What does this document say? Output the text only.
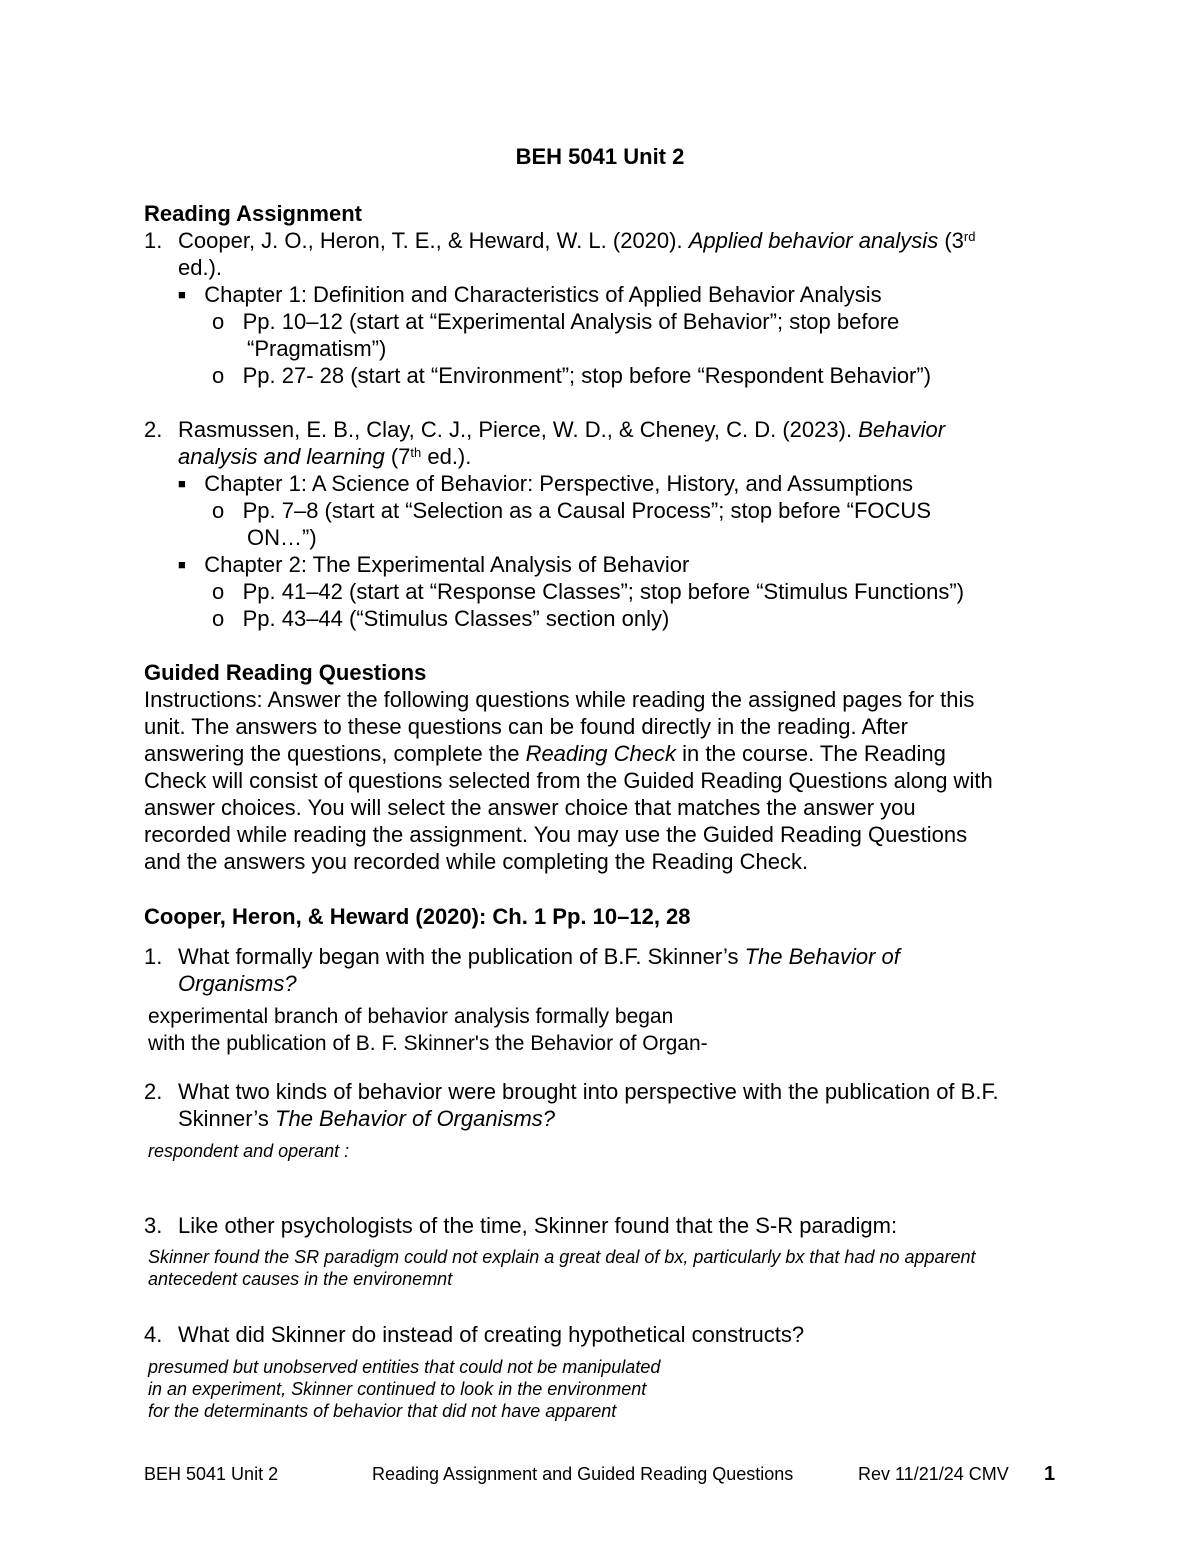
BEH 5041 Unit 2
Reading Assignment
1. Cooper, J. O., Heron, T. E., & Heward, W. L. (2020). Applied behavior analysis (3rd
ed.).
■ Chapter 1: Definition and Characteristics of Applied Behavior Analysis
o Pp. 10–12 (start at “Experimental Analysis of Behavior”; stop before
“Pragmatism”)
o Pp. 27- 28 (start at “Environment”; stop before “Respondent Behavior”)
2. Rasmussen, E. B., Clay, C. J., Pierce, W. D., & Cheney, C. D. (2023). Behavior
analysis and learning (7th ed.).
■ Chapter 1: A Science of Behavior: Perspective, History, and Assumptions
o Pp. 7–8 (start at “Selection as a Causal Process”; stop before “FOCUS
ON…”)
■ Chapter 2: The Experimental Analysis of Behavior
o Pp. 41–42 (start at “Response Classes”; stop before “Stimulus Functions”)
o Pp. 43–44 (“Stimulus Classes” section only)
Guided Reading Questions
Instructions: Answer the following questions while reading the assigned pages for this
unit. The answers to these questions can be found directly in the reading. After
answering the questions, complete the Reading Check in the course. The Reading
Check will consist of questions selected from the Guided Reading Questions along with
answer choices. You will select the answer choice that matches the answer you
recorded while reading the assignment. You may use the Guided Reading Questions
and the answers you recorded while completing the Reading Check.
Cooper, Heron, & Heward (2020): Ch. 1 Pp. 10–12, 28
1. What formally began with the publication of B.F. Skinner’s The Behavior of
Organisms?
experimental branch of behavior analysis formally began
with the publication of B. F. Skinner's the Behavior of Organ-
2. What two kinds of behavior were brought into perspective with the publication of B.F.
Skinner’s The Behavior of Organisms?
respondent and operant :
3. Like other psychologists of the time, Skinner found that the S-R paradigm:
Skinner found the SR paradigm could not explain a great deal of bx, particularly bx that had no apparent
antecedent causes in the environemnt
4. What did Skinner do instead of creating hypothetical constructs?
presumed but unobserved entities that could not be manipulated
in an experiment, Skinner continued to look in the environment
for the determinants of behavior that did not have apparent
BEH 5041 Unit 2	Reading Assignment and Guided Reading Questions	Rev 11/21/24 CMV 1
